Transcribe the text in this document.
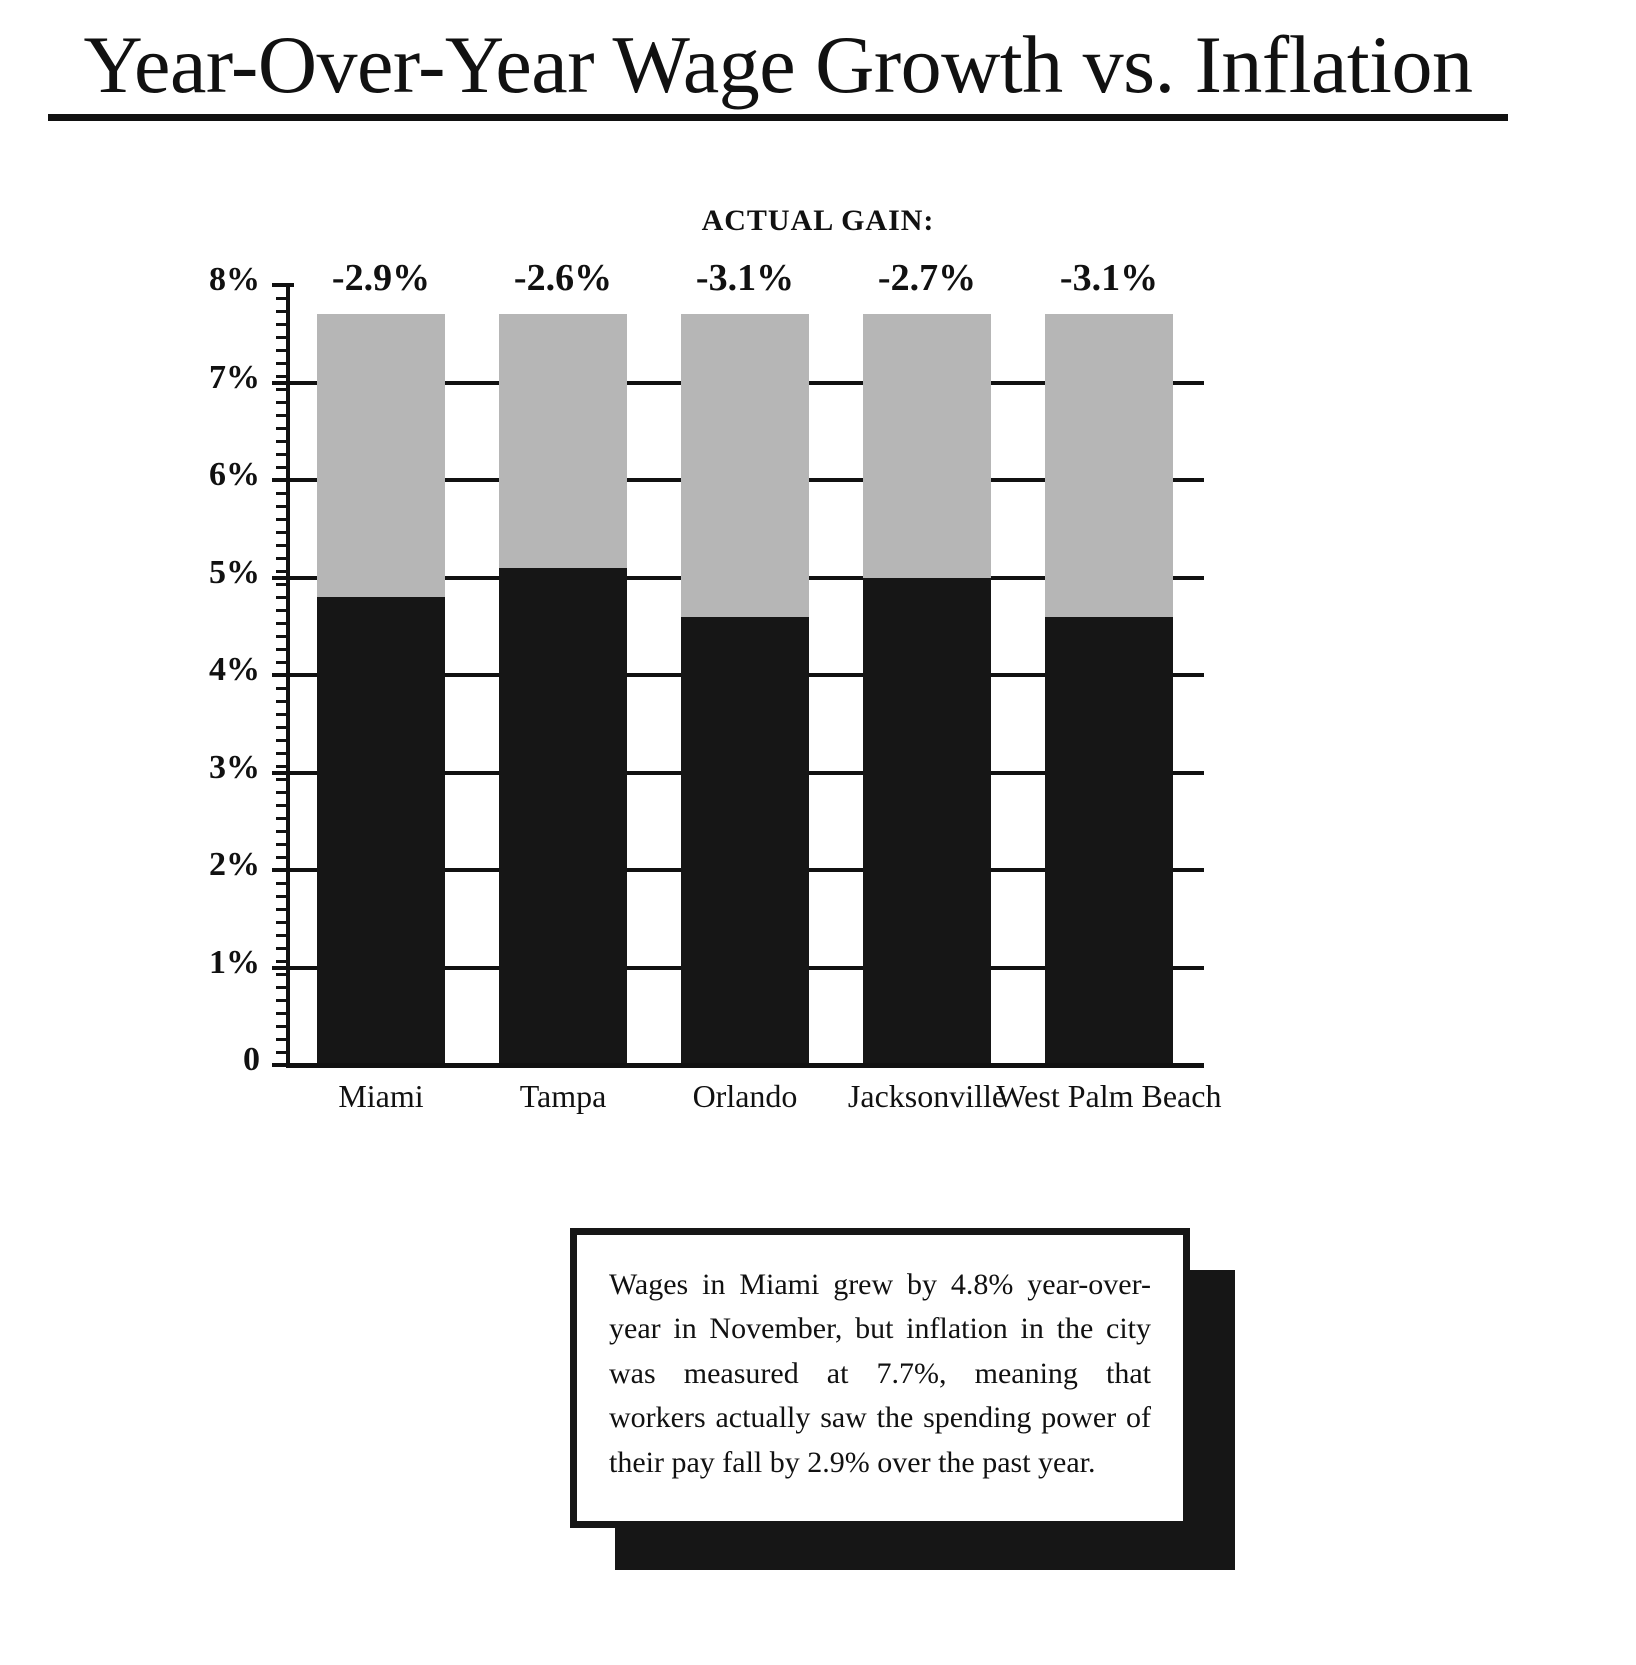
Year-Over-Year Wage Growth vs. Inflation
ACTUAL GAIN:
0
1%
2%
3%
4%
5%
6%
7%
8%	-2.9%	-2.6%	-3.1%	-2.7%	-3.1%
Miami	Tampa	Orlando	Jacksonville
West Palm Beach
Wages in Miami grew by 4.8% year-over-year in November, but inflation in the city was measured at 7.7%, meaning that workers actually saw the spending power of their pay fall by 2.9% over the past year.
